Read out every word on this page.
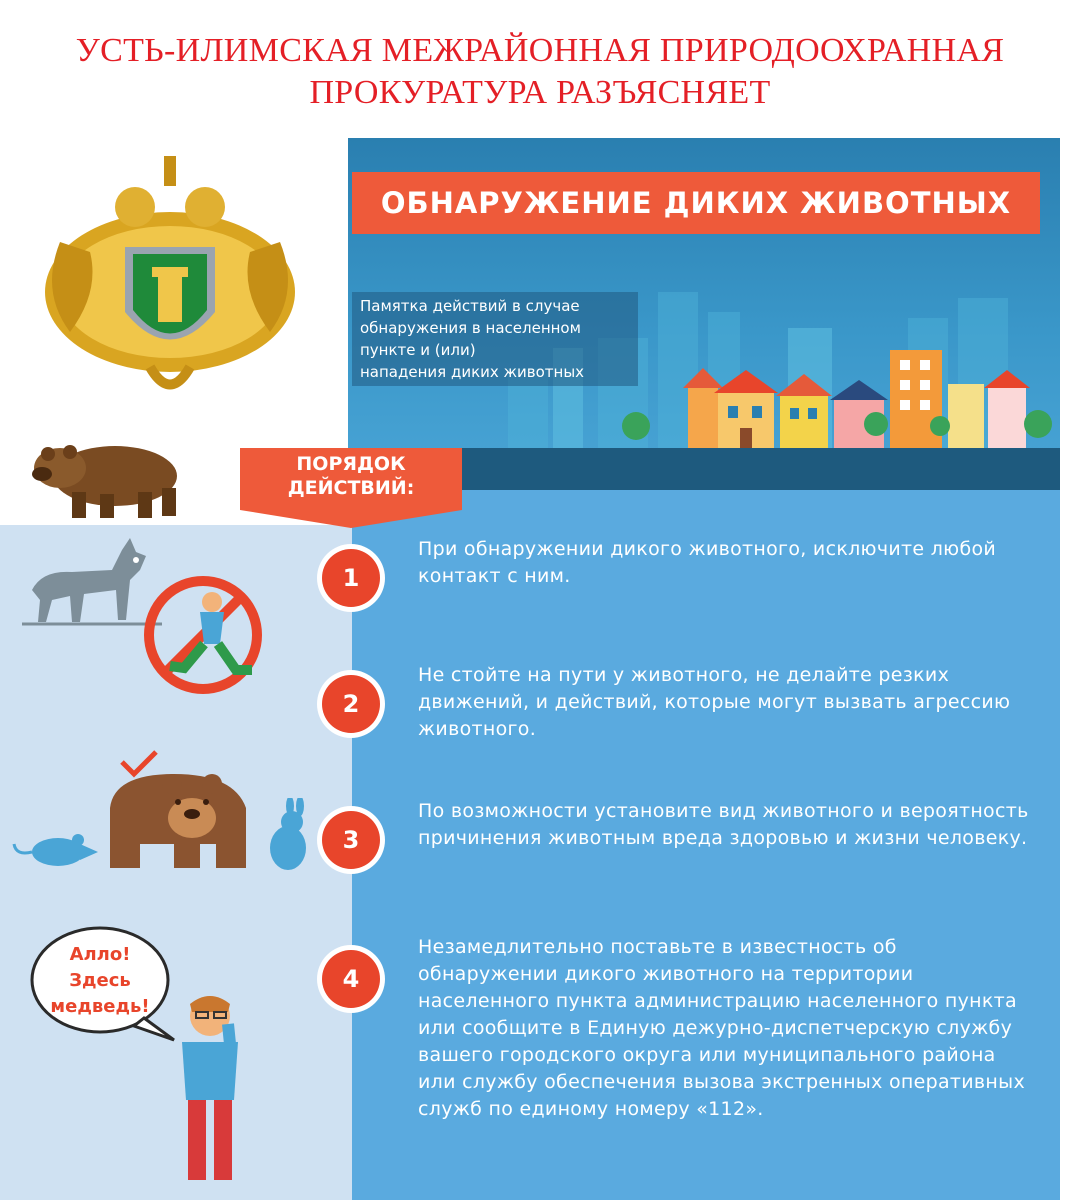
УСТЬ-ИЛИМСКАЯ МЕЖРАЙОННАЯ ПРИРОДООХРАННАЯ
ПРОКУРАТУРА РАЗЪЯСНЯЕТ
ОБНАРУЖЕНИЕ ДИКИХ ЖИВОТНЫХ
Памятка действий в случае
обнаружения в населенном пункте и (или)
нападения диких животных
ПОРЯДОК
ДЕЙСТВИЙ:
Алло!
Здесь
медведь!
1
При обнаружении дикого животного, исключите любой контакт с ним.
2
Не стойте на пути у животного, не делайте резких движений, и действий, которые могут вызвать агрессию животного.
3
По возможности установите вид животного и вероятность причинения животным вреда здоровью и жизни человеку.
4
Незамедлительно поставьте в известность об обнаружении дикого животного на территории населенного пункта администрацию населенного пункта или сообщите в Единую дежурно-диспетчерскую службу вашего городского округа или муниципального района или службу обеспечения вызова экстренных оперативных служб по единому номеру «112».
